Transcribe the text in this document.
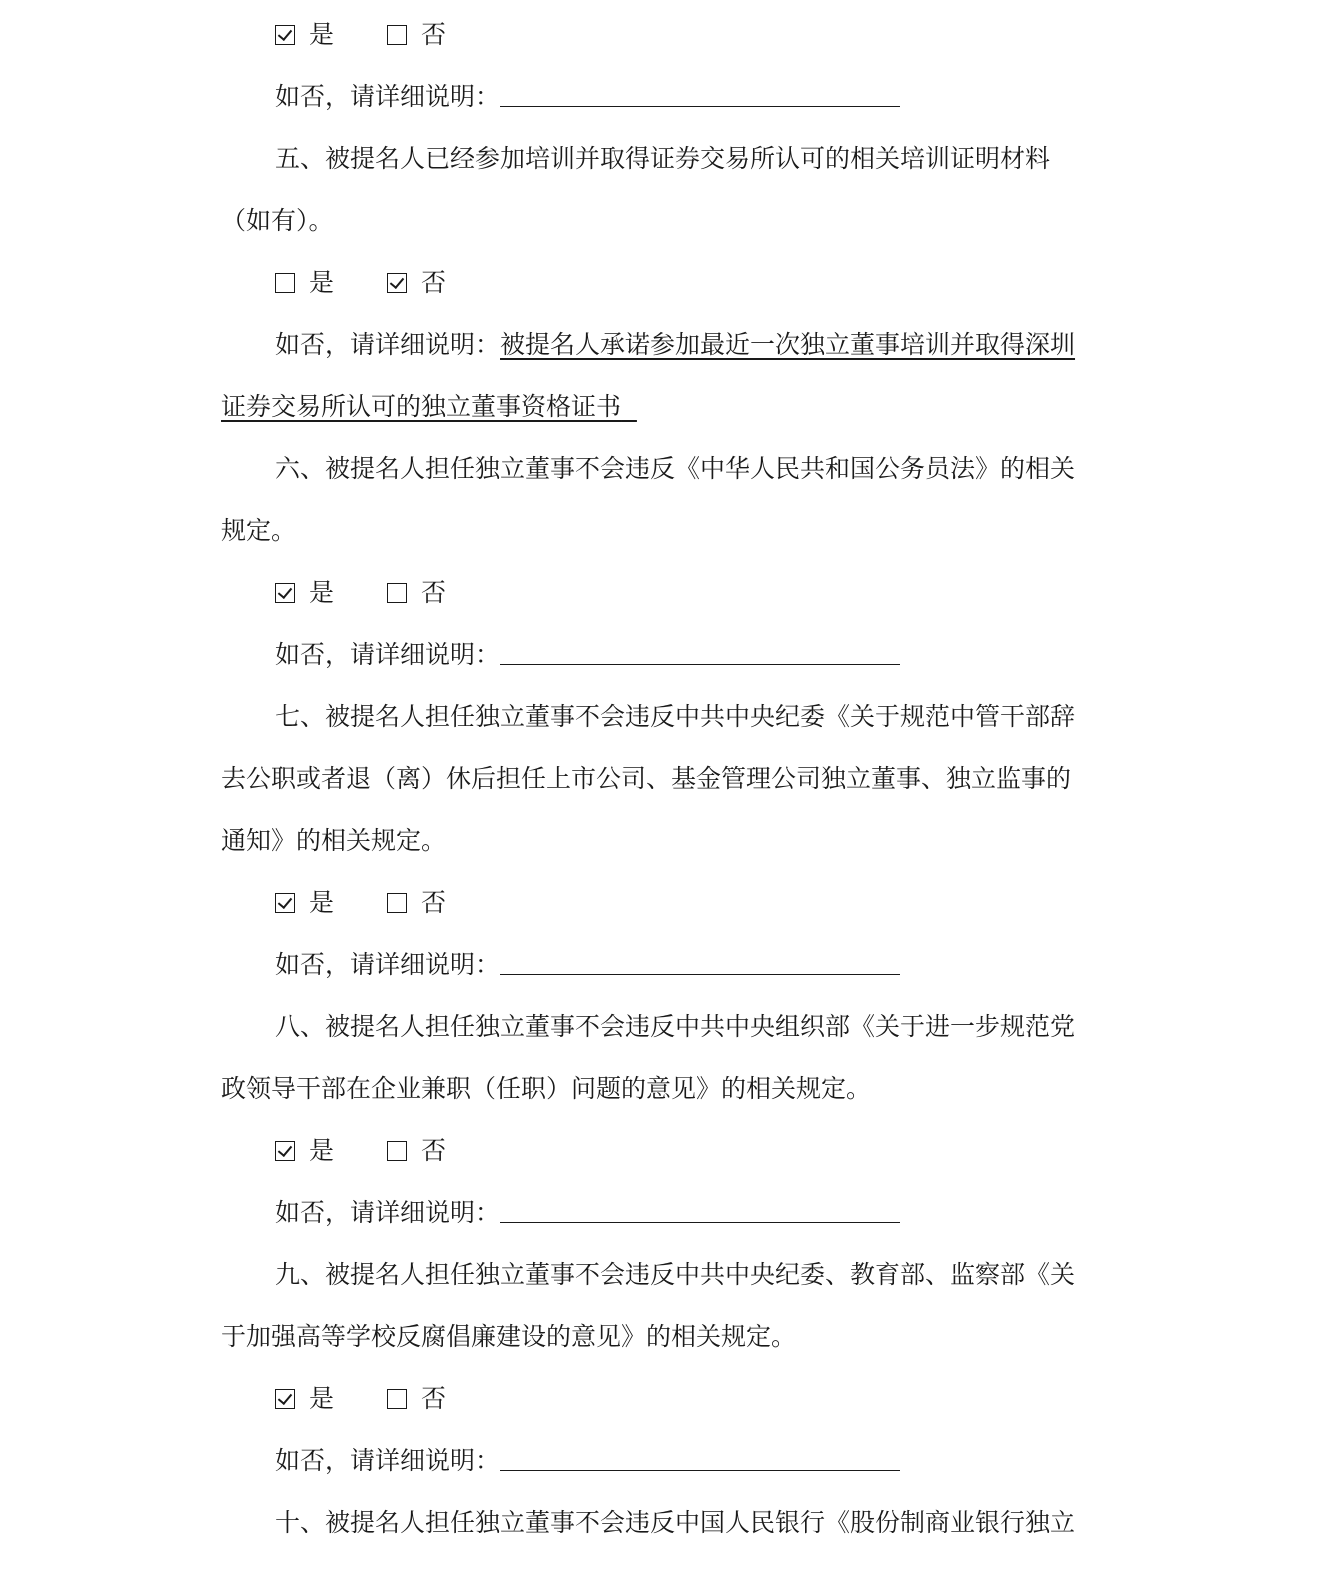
是	否
如否，请详细说明：
五、被提名人已经参加培训并取得证券交易所认可的相关培训证明材料
（如有）。
是	否
如否，请详细说明：被提名人承诺参加最近一次独立董事培训并取得深圳
证券交易所认可的独立董事资格证书
六、被提名人担任独立董事不会违反《中华人民共和国公务员法》的相关
规定。
是	否
如否，请详细说明：
七、被提名人担任独立董事不会违反中共中央纪委《关于规范中管干部辞
去公职或者退（离）休后担任上市公司、基金管理公司独立董事、独立监事的
通知》的相关规定。
是	否
如否，请详细说明：
八、被提名人担任独立董事不会违反中共中央组织部《关于进一步规范党
政领导干部在企业兼职（任职）问题的意见》的相关规定。
是	否
如否，请详细说明：
九、被提名人担任独立董事不会违反中共中央纪委、教育部、监察部《关
于加强高等学校反腐倡廉建设的意见》的相关规定。
是	否
如否，请详细说明：
十、被提名人担任独立董事不会违反中国人民银行《股份制商业银行独立
